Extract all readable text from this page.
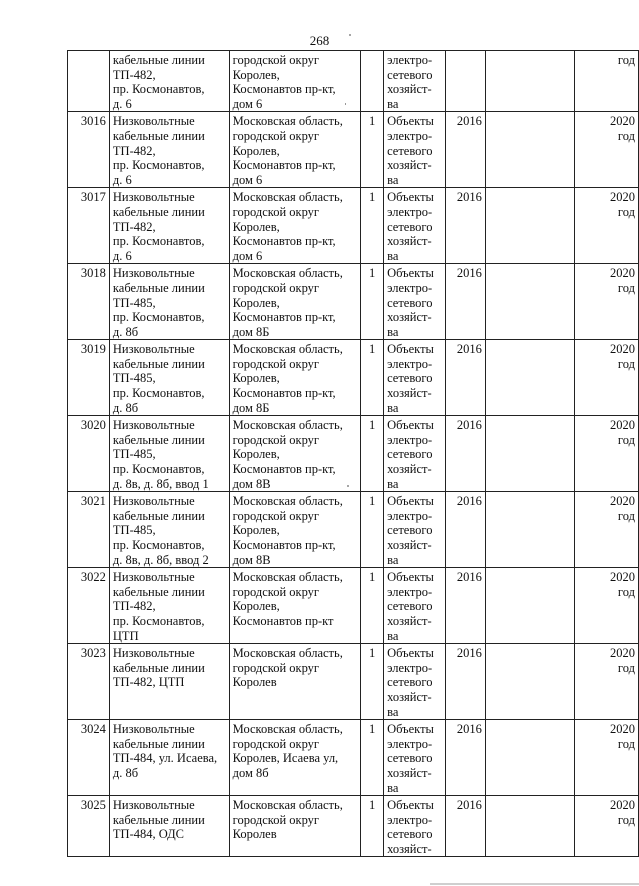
268

	кабельные линии
ТП-482,
пр. Космонавтов,
д. 6	городской округ
Королев,
Космонавтов пр-кт,
дом 6		электро-
сетевого
хозяйст-
ва			год

3016	Низковольтные
кабельные линии
ТП-482,
пр. Космонавтов,
д. 6	Московская область,
городской округ
Королев,
Космонавтов пр-кт,
дом 6	1	Объекты
электро-
сетевого
хозяйст-
ва	2016		2020
год

3017	Низковольтные
кабельные линии
ТП-482,
пр. Космонавтов,
д. 6	Московская область,
городской округ
Королев,
Космонавтов пр-кт,
дом 6	1	Объекты
электро-
сетевого
хозяйст-
ва	2016		2020
год

3018	Низковольтные
кабельные линии
ТП-485,
пр. Космонавтов,
д. 8б	Московская область,
городской округ
Королев,
Космонавтов пр-кт,
дом 8Б	1	Объекты
электро-
сетевого
хозяйст-
ва	2016		2020
год

3019	Низковольтные
кабельные линии
ТП-485,
пр. Космонавтов,
д. 8б	Московская область,
городской округ
Королев,
Космонавтов пр-кт,
дом 8Б	1	Объекты
электро-
сетевого
хозяйст-
ва	2016		2020
год

3020	Низковольтные
кабельные линии
ТП-485,
пр. Космонавтов,
д. 8в, д. 8б, ввод 1	Московская область,
городской округ
Королев,
Космонавтов пр-кт,
дом 8В	1	Объекты
электро-
сетевого
хозяйст-
ва	2016		2020
год

3021	Низковольтные
кабельные линии
ТП-485,
пр. Космонавтов,
д. 8в, д. 8б, ввод 2	Московская область,
городской округ
Королев,
Космонавтов пр-кт,
дом 8В	1	Объекты
электро-
сетевого
хозяйст-
ва	2016		2020
год

3022	Низковольтные
кабельные линии
ТП-482,
пр. Космонавтов,
ЦТП	Московская область,
городской округ
Королев,
Космонавтов пр-кт	1	Объекты
электро-
сетевого
хозяйст-
ва	2016		2020
год

3023	Низковольтные
кабельные линии
ТП-482, ЦТП	Московская область,
городской округ
Королев	1	Объекты
электро-
сетевого
хозяйст-
ва	2016		2020
год

3024	Низковольтные
кабельные линии
ТП-484, ул. Исаева,
д. 8б	Московская область,
городской округ
Королев, Исаева ул,
дом 8б	1	Объекты
электро-
сетевого
хозяйст-
ва	2016		2020
год

3025	Низковольтные
кабельные линии
ТП-484, ОДС	Московская область,
городской округ
Королев	1	Объекты
электро-
сетевого
хозяйст-	2016		2020
год
